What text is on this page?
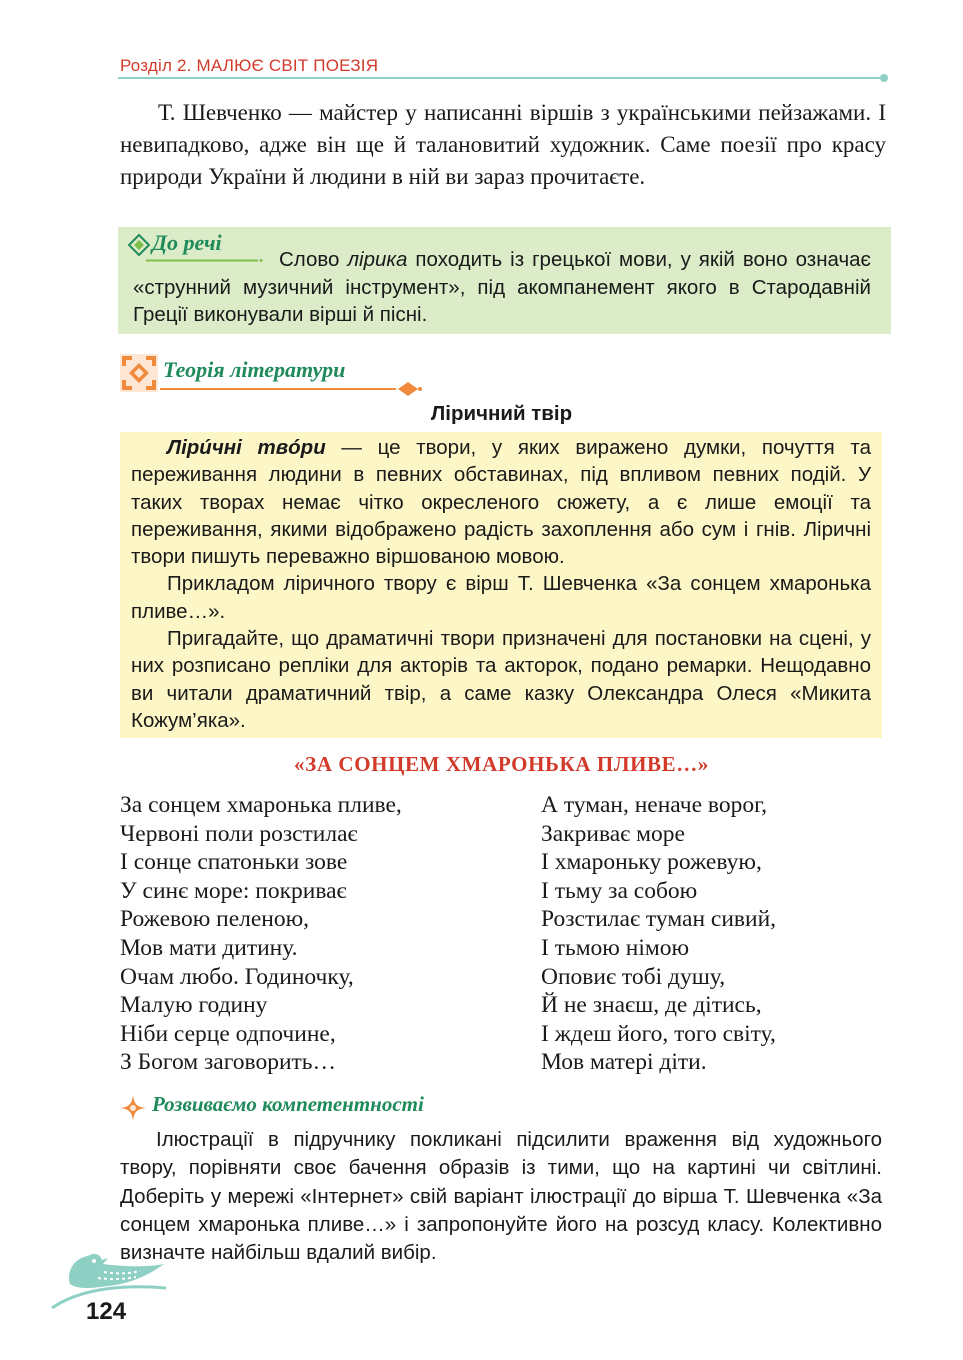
Розділ 2. МАЛЮЄ СВІТ ПОЕЗІЯ
Т. Шевченко — майстер у написанні віршів з українськими пейзажами. І невипадково, адже він ще й талановитий художник. Саме поезії про красу природи України й людини в ній ви зараз прочитаєте.
До речі
Слово лірика походить із грецької мови, у якій воно означає «струнний музичний інструмент», під акомпанемент якого в Стародавній Греції виконували вірші й пісні.
Теорія літератури
Ліричний твір

Лірúчні твóри — це твори, у яких виражено думки, почуття та переживання людини в певних обставинах, під впливом певних подій. У таких творах немає чітко окресленого сюжету, а є лише емоції та переживання, якими відображено радість захоплення або сум і гнів. Ліричні твори пишуть переважно віршованою мовою.

Прикладом ліричного твору є вірш Т. Шевченка «За сонцем хмаронька пливе…».

Пригадайте, що драматичні твори призначені для постановки на сцені, у них розписано репліки для акторів та акторок, подано ремарки. Нещодавно ви читали драматичний твір, а саме казку Олександра Олеся «Микита Кожум’яка».

«ЗА СОНЦЕМ ХМАРОНЬКА ПЛИВЕ…»
За сонцем хмаронька пливе,
Червоні поли розстилає
І сонце спатоньки зове
У синє море: покриває
Рожевою пеленою,
Мов мати дитину.
Очам любо. Годиночку,
Малую годину
Ніби серце одпочине,
З Богом заговорить…
А туман, неначе ворог,
Закриває море
І хмароньку рожевую,
І тьму за собою
Розстилає туман сивий,
І тьмою німою
Оповиє тобі душу,
Й не знаєш, де дітись,
І ждеш його, того світу,
Мов матері діти.
Розвиваємо компетентності
Ілюстрації в підручнику покликані підсилити враження від художнього твору, порівняти своє бачення образів із тими, що на картині чи світлині. Доберіть у мережі «Інтернет» свій варіант ілюстрації до вірша Т. Шевченка «За сонцем хмаронька пливе…» і запропонуйте його на розсуд класу. Колективно визначте найбільш вдалий вибір.
124
